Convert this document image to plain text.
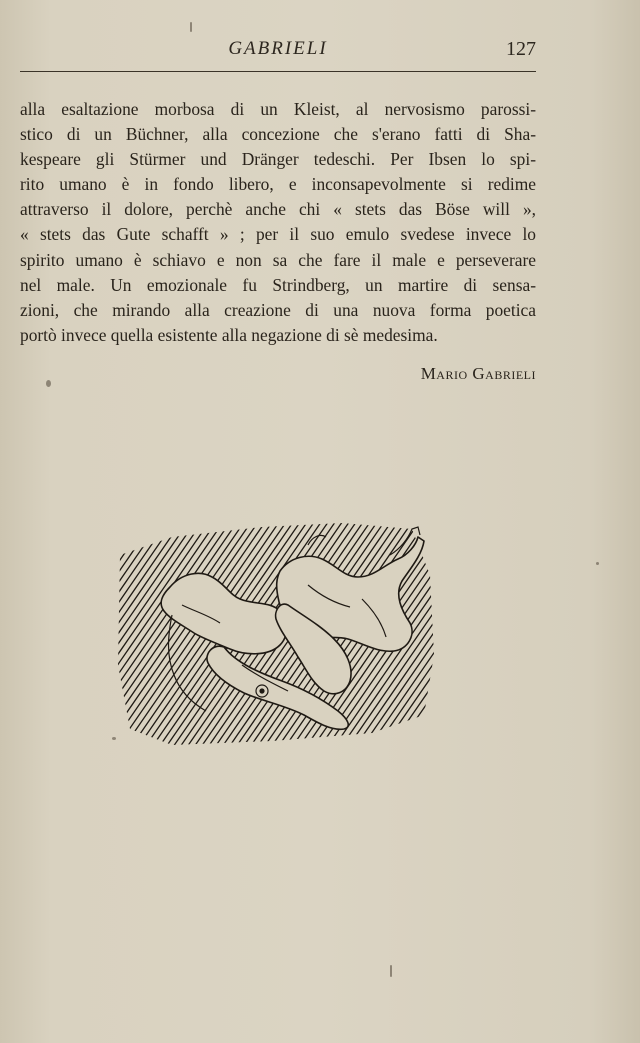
GABRIELI	127
alla esaltazione morbosa di un Kleist, al nervosismo parossi-
stico di un Büchner, alla concezione che s'erano fatti di Sha-
kespeare gli Stürmer und Dränger tedeschi. Per Ibsen lo spi-
rito umano è in fondo libero, e inconsapevolmente si redime
attraverso il dolore, perchè anche chi « stets das Böse will »,
« stets das Gute schafft » ; per il suo emulo svedese invece lo
spirito umano è schiavo e non sa che fare il male e perseverare
nel male. Un emozionale fu Strindberg, un martire di sensa-
zioni, che mirando alla creazione di una nuova forma poetica
portò invece quella esistente alla negazione di sè medesima.
Mario Gabrieli
